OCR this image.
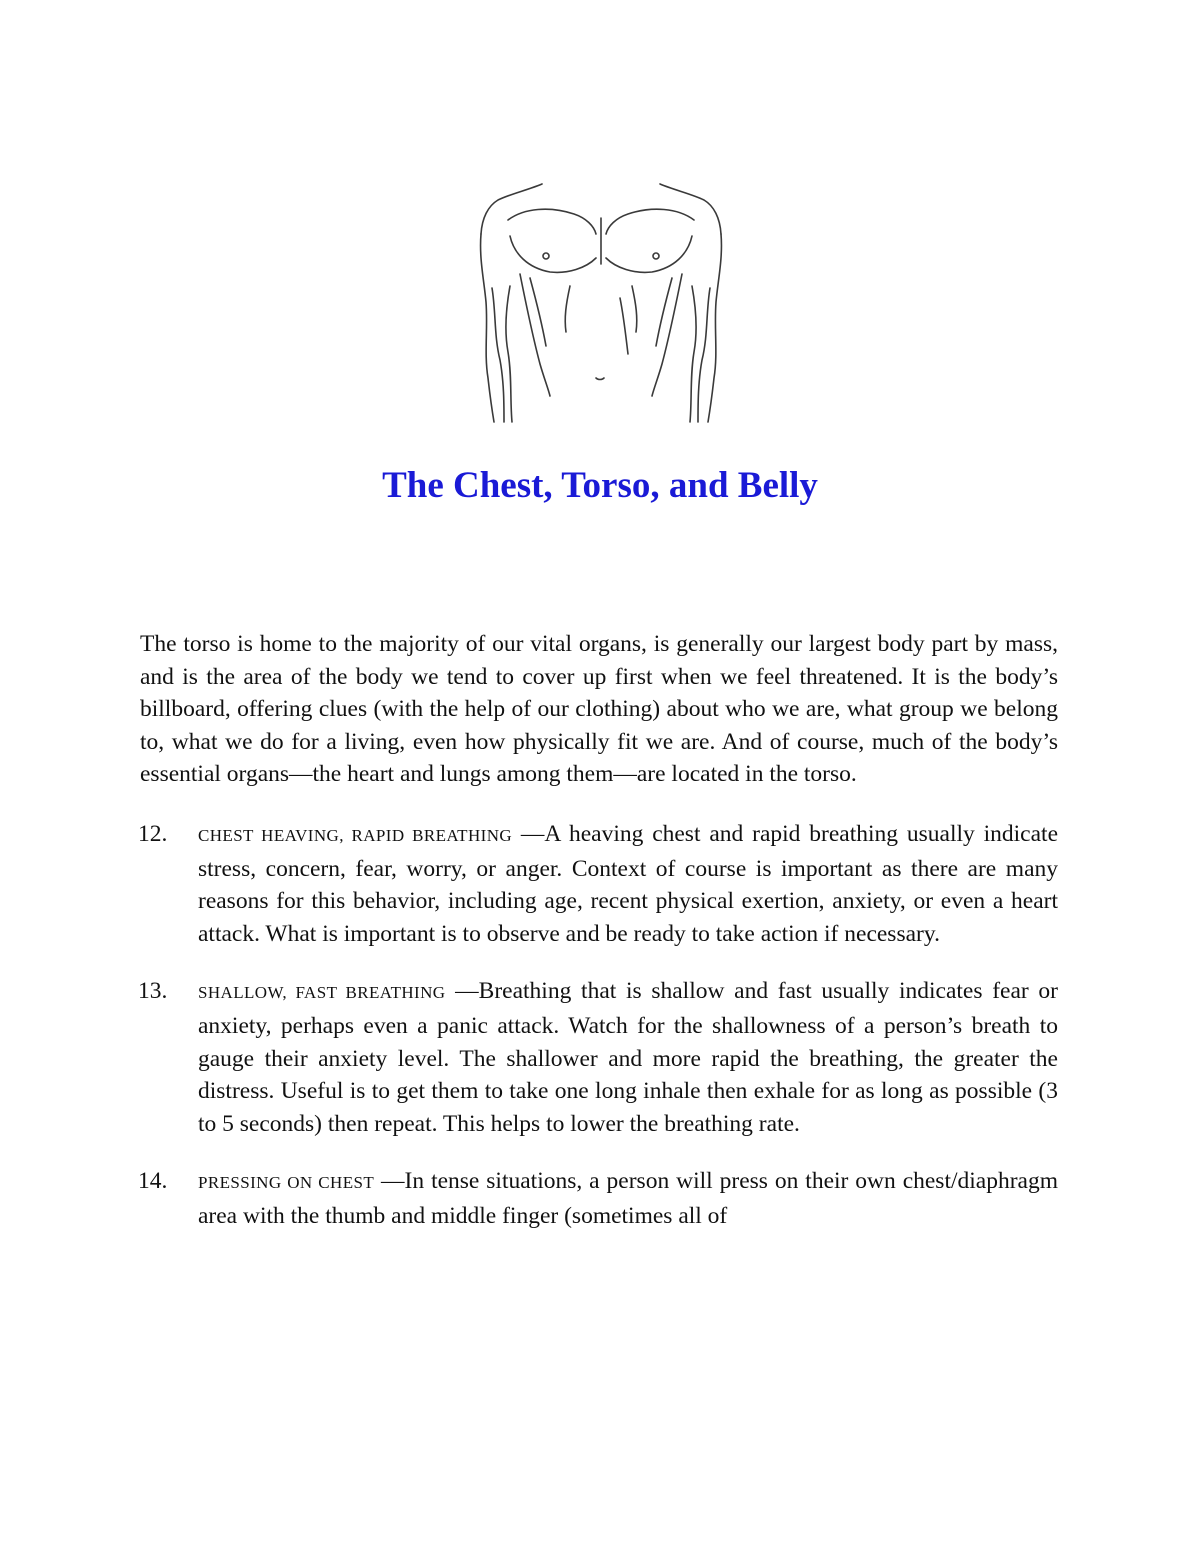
The Chest, Torso, and Belly

The torso is home to the majority of our vital organs, is generally our largest body part by mass, and is the area of the body we tend to cover up first when we feel threatened. It is the body’s billboard, offering clues (with the help of our clothing) about who we are, what group we belong to, what we do for a living, even how physically fit we are. And of course, much of the body’s essential organs—the heart and lungs among them—are located in the torso.

12. CHEST HEAVING, RAPID BREATHING —A heaving chest and rapid breathing usually indicate stress, concern, fear, worry, or anger. Context of course is important as there are many reasons for this behavior, including age, recent physical exertion, anxiety, or even a heart attack. What is important is to observe and be ready to take action if necessary.

13. SHALLOW, FAST BREATHING —Breathing that is shallow and fast usually indicates fear or anxiety, perhaps even a panic attack. Watch for the shallowness of a person’s breath to gauge their anxiety level. The shallower and more rapid the breathing, the greater the distress. Useful is to get them to take one long inhale then exhale for as long as possible (3 to 5 seconds) then repeat. This helps to lower the breathing rate.

14. PRESSING ON CHEST —In tense situations, a person will press on their own chest/diaphragm area with the thumb and middle finger (sometimes all of
